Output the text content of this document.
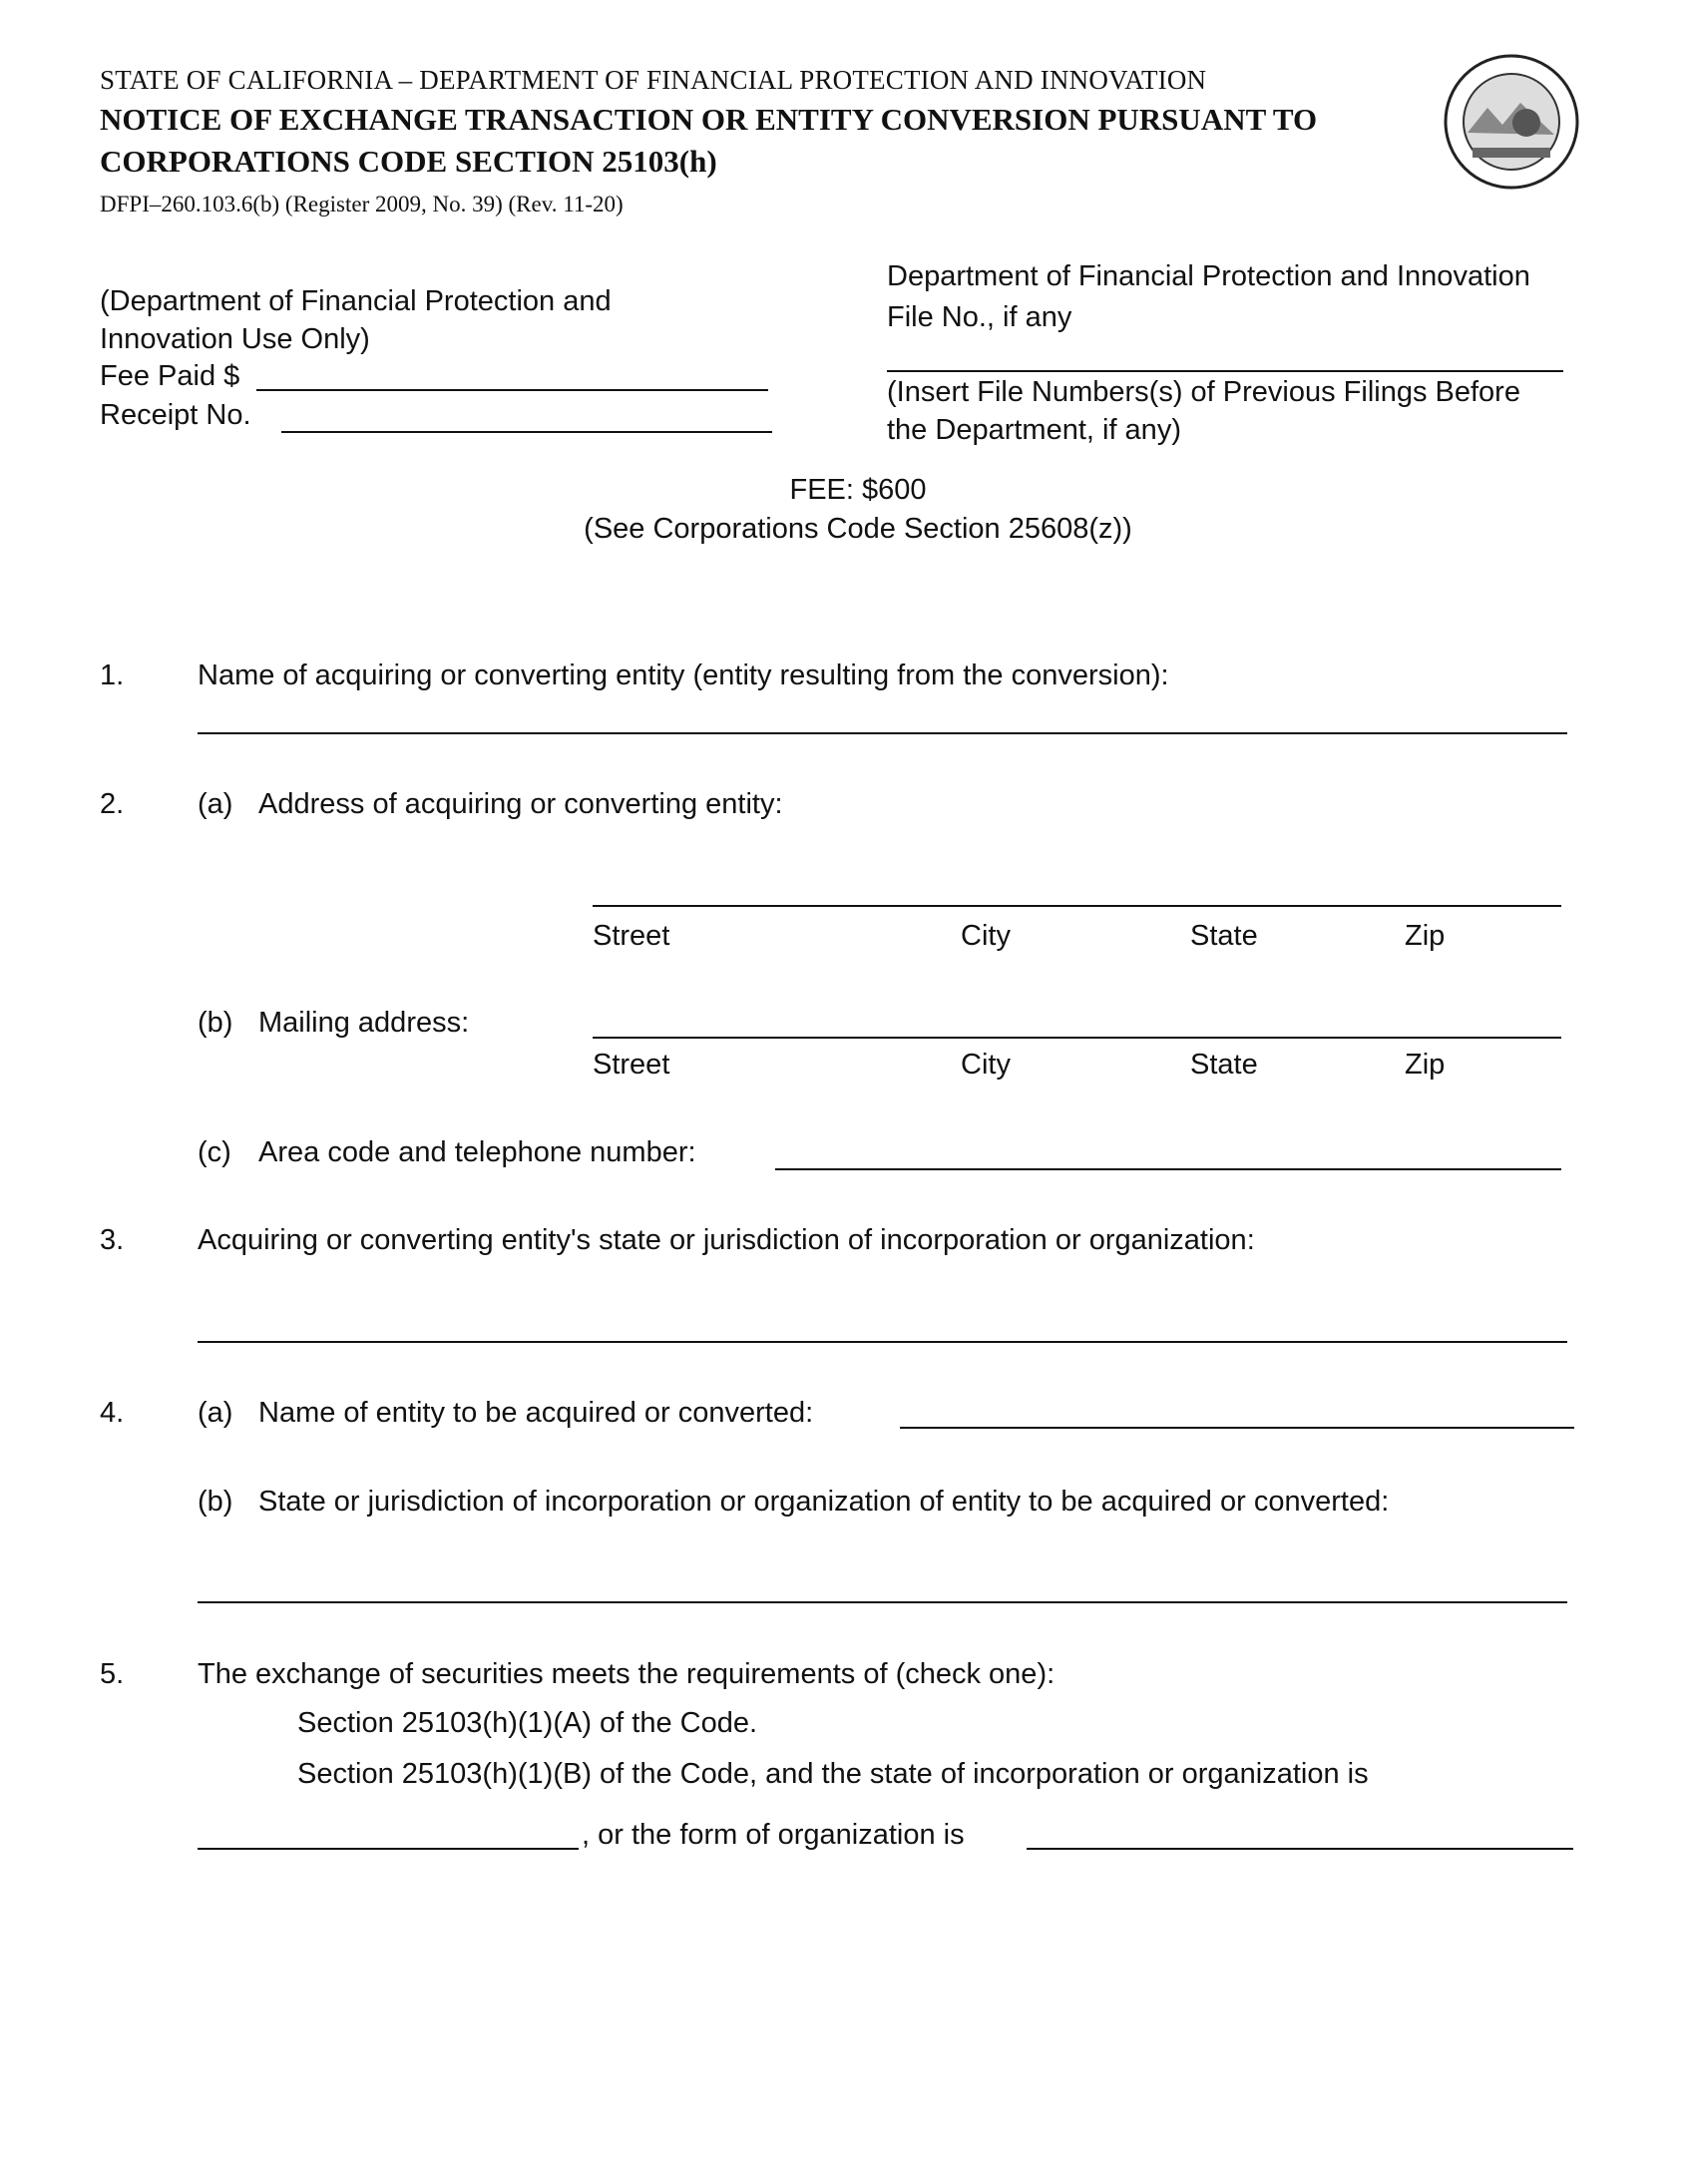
STATE OF CALIFORNIA – DEPARTMENT OF FINANCIAL PROTECTION AND INNOVATION
NOTICE OF EXCHANGE TRANSACTION OR ENTITY CONVERSION PURSUANT TO
CORPORATIONS CODE SECTION 25103(h)
DFPI–260.103.6(b) (Register 2009, No. 39) (Rev. 11-20)
(Department of Financial Protection and
Innovation Use Only)
Fee Paid $
Receipt No.
Department of Financial Protection and Innovation
File No., if any
(Insert File Numbers(s) of Previous Filings Before
the Department, if any)
FEE: $600
(See Corporations Code Section 25608(z))
1.	Name of acquiring or converting entity (entity resulting from the conversion):
2.	(a) Address of acquiring or converting entity:
Street	City	State	Zip
(b) Mailing address:
Street	City	State	Zip
(c) Area code and telephone number:
3.	Acquiring or converting entity's state or jurisdiction of incorporation or organization:
4.	(a) Name of entity to be acquired or converted:
(b) State or jurisdiction of incorporation or organization of entity to be acquired or converted:
5.	The exchange of securities meets the requirements of (check one):
Section 25103(h)(1)(A) of the Code.
Section 25103(h)(1)(B) of the Code, and the state of incorporation or organization is
, or the form of organization is
